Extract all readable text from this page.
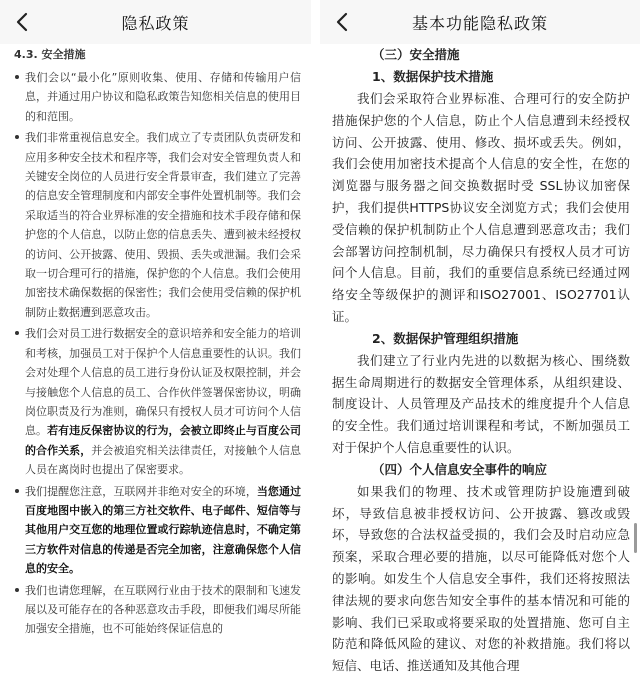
隐私政策
4.3. 安全措施
我们会以“最小化”原则收集、使用、存储和传输用户信息，并通过用户协议和隐私政策告知您相关信息的使用目的和范围。
我们非常重视信息安全。我们成立了专责团队负责研发和应用多种安全技术和程序等，我们会对安全管理负责人和关键安全岗位的人员进行安全背景审查，我们建立了完善的信息安全管理制度和内部安全事件处置机制等。我们会采取适当的符合业界标准的安全措施和技术手段存储和保护您的个人信息，以防止您的信息丢失、遭到被未经授权的访问、公开披露、使用、毁损、丢失或泄漏。我们会采取一切合理可行的措施，保护您的个人信息。我们会使用加密技术确保数据的保密性；我们会使用受信赖的保护机制防止数据遭到恶意攻击。
我们会对员工进行数据安全的意识培养和安全能力的培训和考核，加强员工对于保护个人信息重要性的认识。我们会对处理个人信息的员工进行身份认证及权限控制，并会与接触您个人信息的员工、合作伙伴签署保密协议，明确岗位职责及行为准则，确保只有授权人员才可访问个人信息。若有违反保密协议的行为，会被立即终止与百度公司的合作关系，并会被追究相关法律责任，对接触个人信息人员在离岗时也提出了保密要求。
我们提醒您注意，互联网并非绝对安全的环境，当您通过百度地图中嵌入的第三方社交软件、电子邮件、短信等与其他用户交互您的地理位置或行踪轨迹信息时，不确定第三方软件对信息的传递是否完全加密，注意确保您个人信息的安全。
我们也请您理解，在互联网行业由于技术的限制和飞速发展以及可能存在的各种恶意攻击手段，即便我们竭尽所能加强安全措施，也不可能始终保证信息的
基本功能隐私政策
（三）安全措施
1、数据保护技术措施

我们会采取符合业界标准、合理可行的安全防护措施保护您的个人信息，防止个人信息遭到未经授权访问、公开披露、使用、修改、损坏或丢失。例如，我们会使用加密技术提高个人信息的安全性，在您的浏览器与服务器之间交换数据时受 SSL协议加密保护，我们提供HTTPS协议安全浏览方式；我们会使用受信赖的保护机制防止个人信息遭到恶意攻击；我们会部署访问控制机制，尽力确保只有授权人员才可访问个人信息。目前，我们的重要信息系统已经通过网络安全等级保护的测评和ISO27001、ISO27701认证。

2、数据保护管理组织措施

我们建立了行业内先进的以数据为核心、围绕数据生命周期进行的数据安全管理体系，从组织建设、制度设计、人员管理及产品技术的维度提升个人信息的安全性。我们通过培训课程和考试，不断加强员工对于保护个人信息重要性的认识。

（四）个人信息安全事件的响应

如果我们的物理、技术或管理防护设施遭到破坏，导致信息被非授权访问、公开披露、篡改或毁坏，导致您的合法权益受损的，我们会及时启动应急预案，采取合理必要的措施，以尽可能降低对您个人的影响。如发生个人信息安全事件，我们还将按照法律法规的要求向您告知安全事件的基本情况和可能的影响、我们已采取或将要采取的处置措施、您可自主防范和降低风险的建议、对您的补救措施。我们将以短信、电话、推送通知及其他合理
